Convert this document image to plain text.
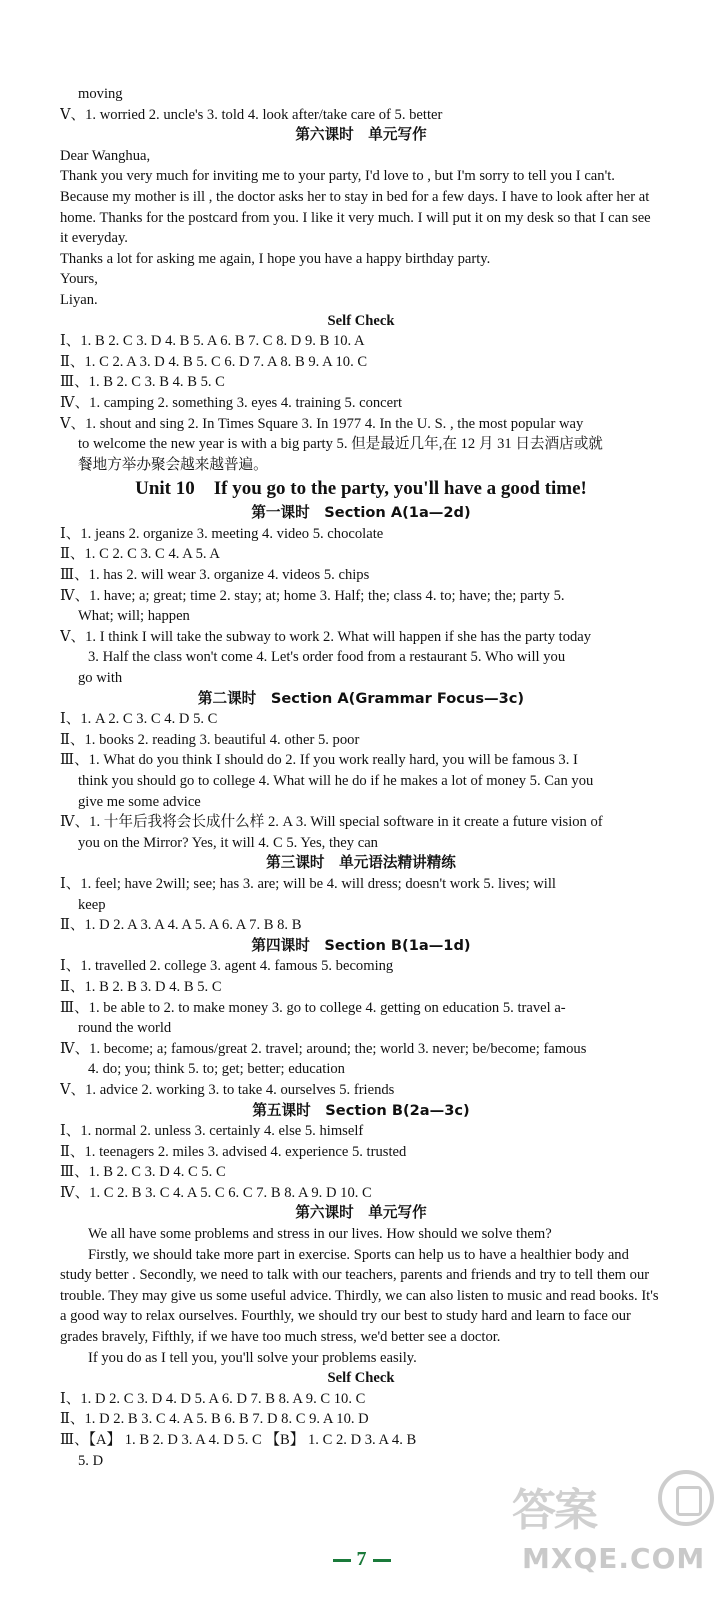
moving
Ⅴ、1. worried 2. uncle's 3. told 4. look after/take care of 5. better
第六课时　单元写作
Dear Wanghua,
Thank you very much for inviting me to your party, I'd love to , but I'm sorry to tell you I can't. Because my mother is ill , the doctor asks her to stay in bed for a few days. I have to look after her at home. Thanks for the postcard from you. I like it very much. I will put it on my desk so that I can see it everyday.
Thanks a lot for asking me again, I hope you have a happy birthday party.
Yours,
Liyan.
Self Check
Ⅰ、1. B 2. C 3. D 4. B 5. A 6. B 7. C 8. D 9. B 10. A
Ⅱ、1. C 2. A 3. D 4. B 5. C 6. D 7. A 8. B 9. A 10. C
Ⅲ、1. B 2. C 3. B 4. B 5. C
Ⅳ、1. camping 2. something 3. eyes 4. training 5. concert
Ⅴ、1. shout and sing 2. In Times Square 3. In 1977 4. In the U. S. , the most popular way
to welcome the new year is with a big party 5. 但是最近几年,在 12 月 31 日去酒店或就
餐地方举办聚会越来越普遍。
Unit 10　If you go to the party, you'll have a good time!
第一课时　Section A(1a—2d)
Ⅰ、1. jeans 2. organize 3. meeting 4. video 5. chocolate
Ⅱ、1. C 2. C 3. C 4. A 5. A
Ⅲ、1. has 2. will wear 3. organize 4. videos 5. chips
Ⅳ、1. have; a; great; time 2. stay; at; home 3. Half; the; class 4. to; have; the; party 5.
What; will; happen
Ⅴ、1. I think I will take the subway to work 2. What will happen if she has the party today
3. Half the class won't come 4. Let's order food from a restaurant 5. Who will you
go with
第二课时　Section A(Grammar Focus—3c)
Ⅰ、1. A 2. C 3. C 4. D 5. C
Ⅱ、1. books 2. reading 3. beautiful 4. other 5. poor
Ⅲ、1. What do you think I should do 2. If you work really hard, you will be famous 3. I
think you should go to college 4. What will he do if he makes a lot of money 5. Can you
give me some advice
Ⅳ、1. 十年后我将会长成什么样 2. A 3. Will special software in it create a future vision of
you on the Mirror? Yes, it will 4. C 5. Yes, they can
第三课时　单元语法精讲精练
Ⅰ、1. feel; have 2will; see; has 3. are; will be 4. will dress; doesn't work 5. lives; will
keep
Ⅱ、1. D 2. A 3. A 4. A 5. A 6. A 7. B 8. B
第四课时　Section B(1a—1d)
Ⅰ、1. travelled 2. college 3. agent 4. famous 5. becoming
Ⅱ、1. B 2. B 3. D 4. B 5. C
Ⅲ、1. be able to 2. to make money 3. go to college 4. getting on education 5. travel a-
round the world
Ⅳ、1. become; a; famous/great 2. travel; around; the; world 3. never; be/become; famous
4. do; you; think 5. to; get; better; education
Ⅴ、1. advice 2. working 3. to take 4. ourselves 5. friends
第五课时　Section B(2a—3c)
Ⅰ、1. normal 2. unless 3. certainly 4. else 5. himself
Ⅱ、1. teenagers 2. miles 3. advised 4. experience 5. trusted
Ⅲ、1. B 2. C 3. D 4. C 5. C
Ⅳ、1. C 2. B 3. C 4. A 5. C 6. C 7. B 8. A 9. D 10. C
第六课时　单元写作
We all have some problems and stress in our lives. How should we solve them?
Firstly, we should take more part in exercise. Sports can help us to have a healthier body and study better . Secondly, we need to talk with our teachers, parents and friends and try to tell them our trouble. They may give us some useful advice. Thirdly, we can also listen to music and read books. It's a good way to relax ourselves. Fourthly, we should try our best to study hard and learn to face our grades bravely, Fifthly, if we have too much stress, we'd better see a doctor.
If you do as I tell you, you'll solve your problems easily.
Self Check
Ⅰ、1. D 2. C 3. D 4. D 5. A 6. D 7. B 8. A 9. C 10. C
Ⅱ、1. D 2. B 3. C 4. A 5. B 6. B 7. D 8. C 9. A 10. D
Ⅲ、【A】 1. B 2. D 3. A 4. D 5. C 【B】 1. C 2. D 3. A 4. B
5. D
7
答案
MXQE.COM
